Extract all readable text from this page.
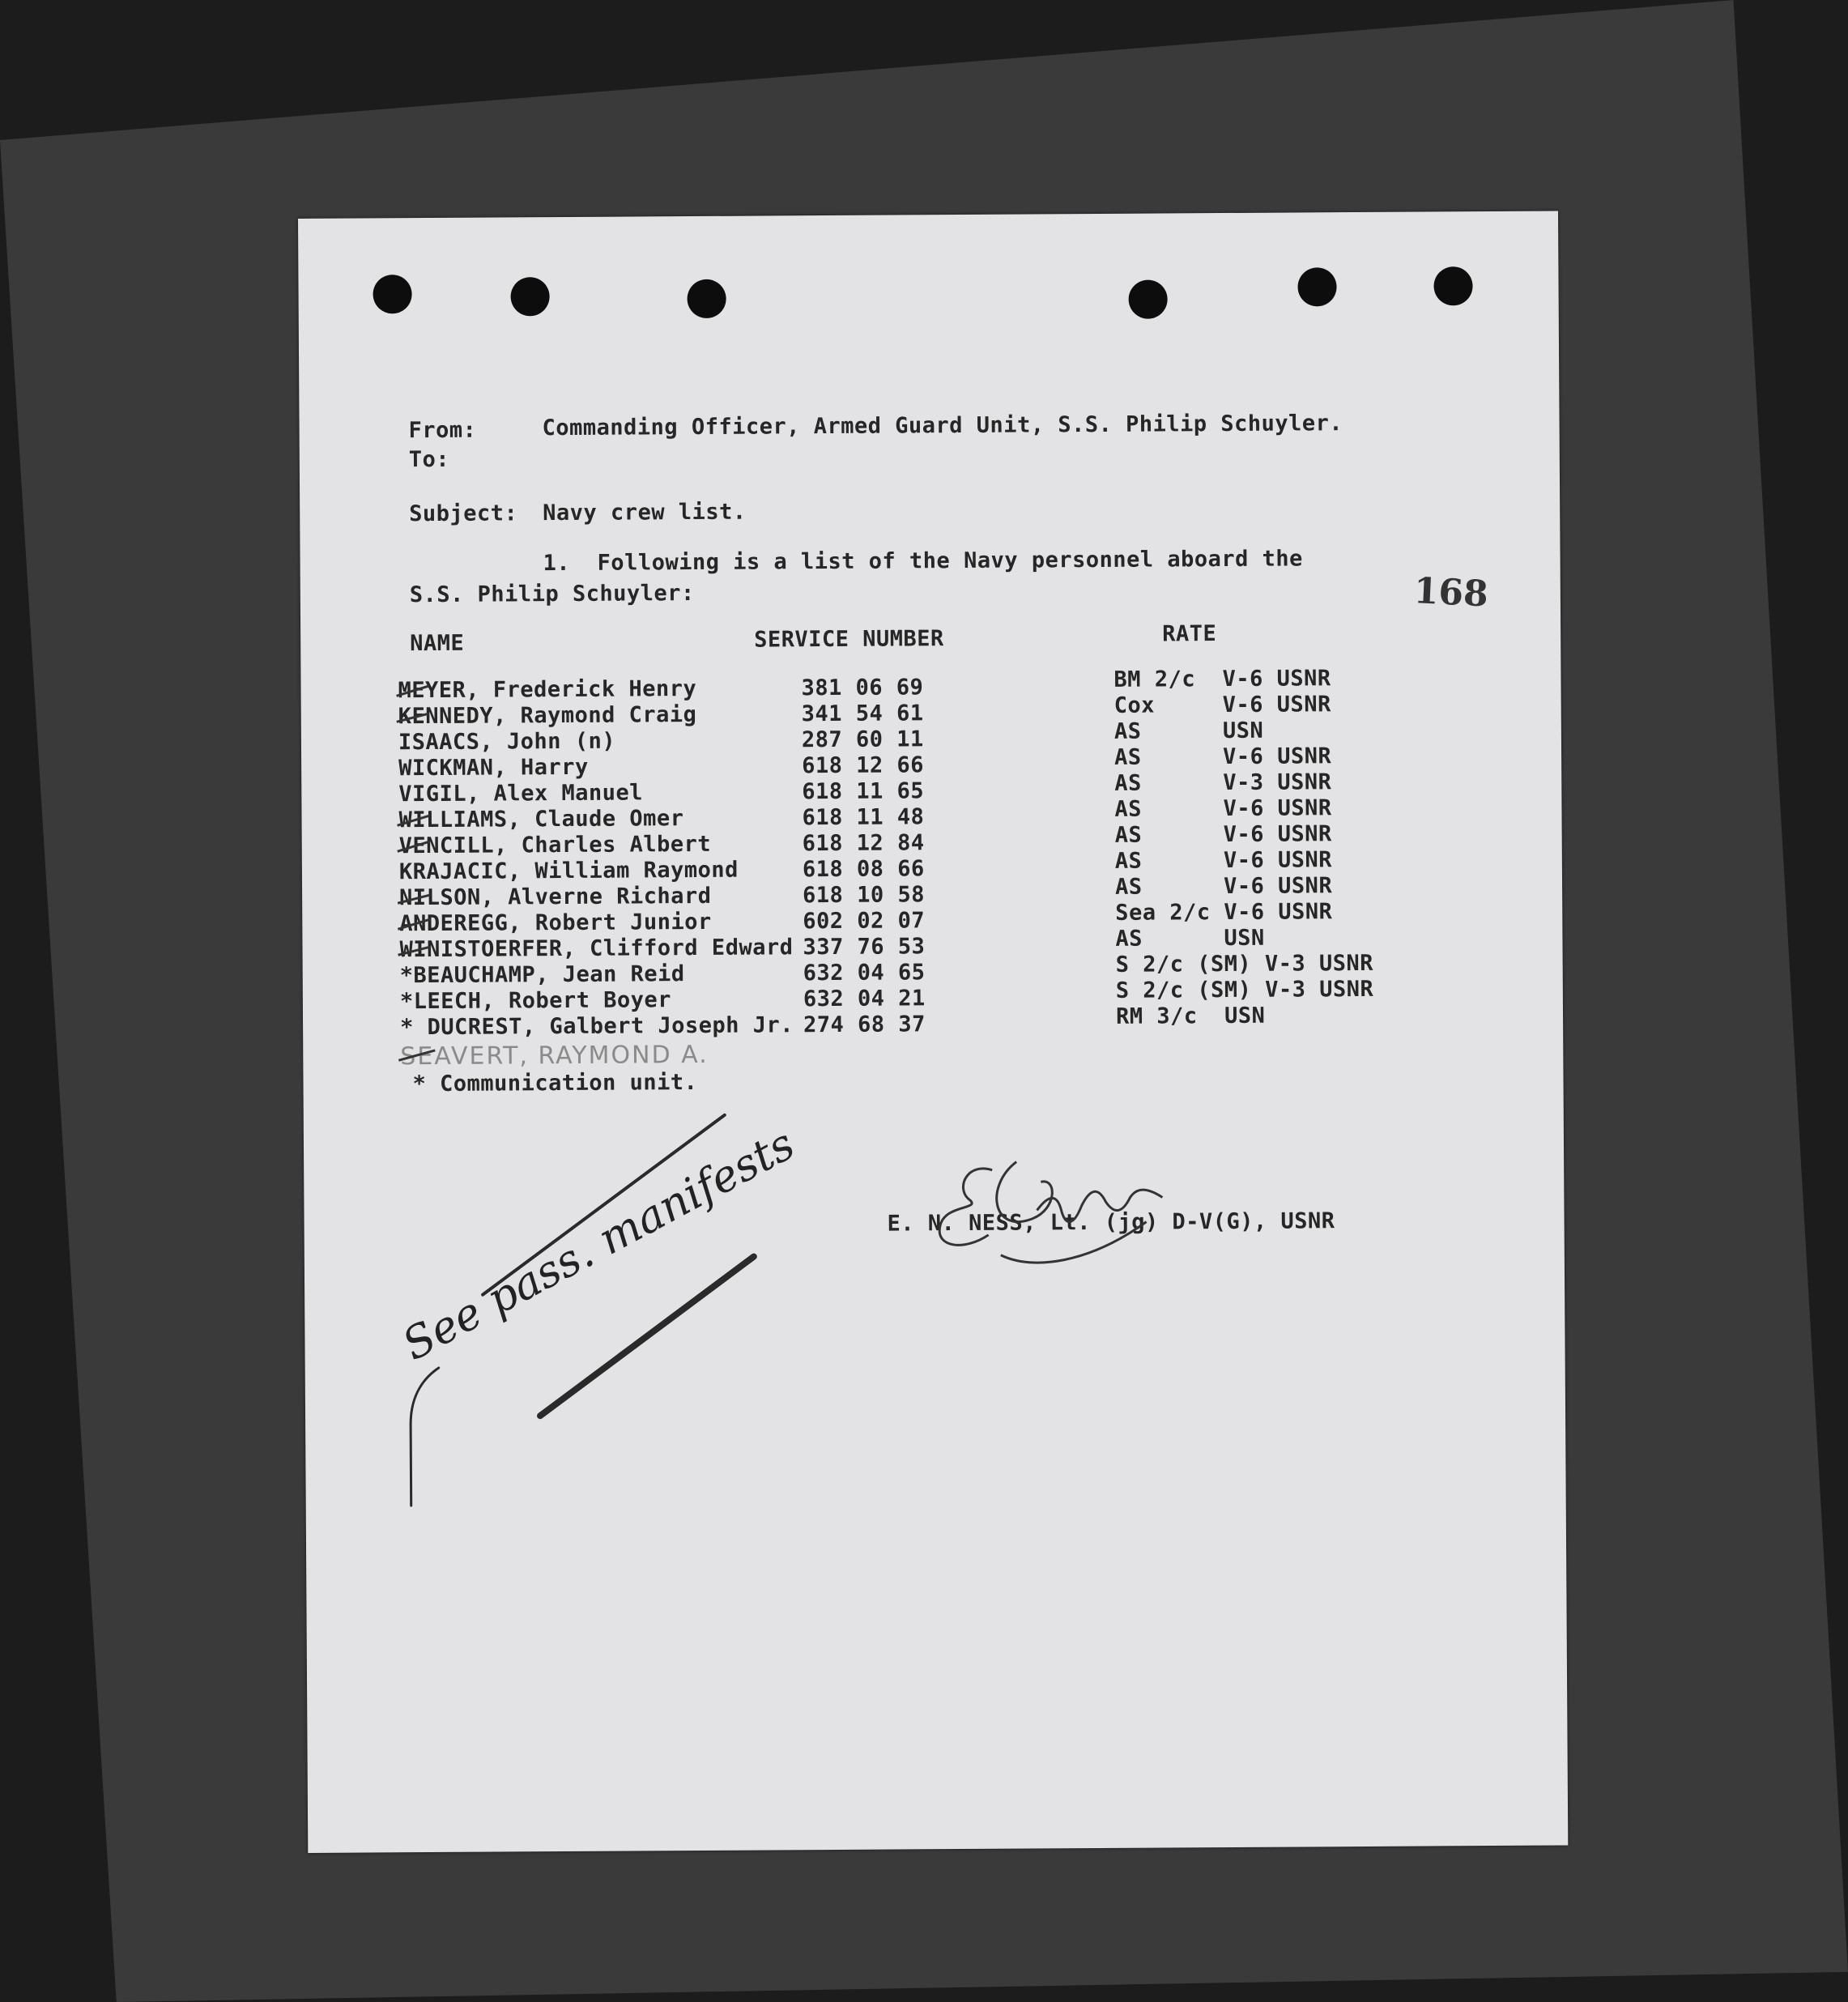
From:	Commanding Officer, Armed Guard Unit, S.S. Philip Schuyler.
To:
Subject: Navy crew list.
1.  Following is a list of the Navy personnel aboard the
S.S. Philip Schuyler:	168
NAME	SERVICE NUMBER	RATE
MEYER, Frederick Henry	381 06 69	BM 2/c  V-6 USNR
KENNEDY, Raymond Craig	341 54 61	Cox     V-6 USNR
ISAACS, John (n)	287 60 11	AS      USN
WICKMAN, Harry	618 12 66	AS      V-6 USNR
VIGIL, Alex Manuel	618 11 65	AS      V-3 USNR
WILLIAMS, Claude Omer	618 11 48	AS      V-6 USNR
VENCILL, Charles Albert	618 12 84	AS      V-6 USNR
KRAJACIC, William Raymond	618 08 66	AS      V-6 USNR
NILSON, Alverne Richard	618 10 58	AS      V-6 USNR
ANDEREGG, Robert Junior	602 02 07	Sea 2/c V-6 USNR
WINISTOERFER, Clifford Edward 337 76 53	AS      USN
*BEAUCHAMP, Jean Reid	632 04 65	S 2/c (SM) V-3 USNR
*LEECH, Robert Boyer	632 04 21	S 2/c (SM) V-3 USNR
* DUCREST, Galbert Joseph Jr. 274 68 37	RM 3/c  USN
SEAVERT, RAYMOND A.
* Communication unit.
E. N. NESS, Lt. (jg) D-V(G), USNR
See pass. manifests
